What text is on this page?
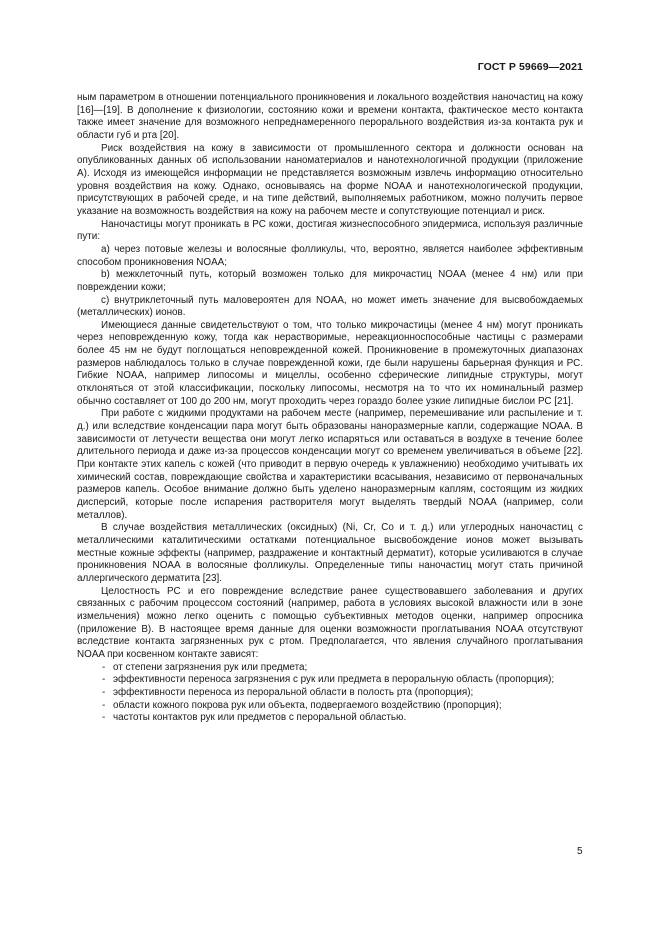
ГОСТ Р 59669—2021

ным параметром в отношении потенциального проникновения и локального воздействия наночастиц на кожу [16]—[19]. В дополнение к физиологии, состоянию кожи и времени контакта, фактическое место контакта также имеет значение для возможного непреднамеренного перорального воздействия из-за контакта рук и области губ и рта [20].

Риск воздействия на кожу в зависимости от промышленного сектора и должности основан на опубликованных данных об использовании наноматериалов и нанотехнологичной продукции (приложение А). Исходя из имеющейся информации не представляется возможным извлечь информацию относительно уровня воздействия на кожу. Однако, основываясь на форме NOAA и нанотехнологической продукции, присутствующих в рабочей среде, и на типе действий, выполняемых работником, можно получить первое указание на возможность воздействия на кожу на рабочем месте и сопутствующие потенциал и риск.

Наночастицы могут проникать в РС кожи, достигая жизнеспособного эпидермиса, используя различные пути:

а) через потовые железы и волосяные фолликулы, что, вероятно, является наиболее эффективным способом проникновения NOAA;

b) межклеточный путь, который возможен только для микрочастиц NOAA (менее 4 нм) или при повреждении кожи;

с) внутриклеточный путь маловероятен для NOAA, но может иметь значение для высвобождаемых (металлических) ионов.

Имеющиеся данные свидетельствуют о том, что только микрочастицы (менее 4 нм) могут проникать через неповрежденную кожу, тогда как нерастворимые, нереакционноспособные частицы с размерами более 45 нм не будут поглощаться неповрежденной кожей. Проникновение в промежуточных диапазонах размеров наблюдалось только в случае поврежденной кожи, где были нарушены барьерная функция и РС. Гибкие NOAA, например липосомы и мицеллы, особенно сферические липидные структуры, могут отклоняться от этой классификации, поскольку липосомы, несмотря на то что их номинальный размер обычно составляет от 100 до 200 нм, могут проходить через гораздо более узкие липидные бислои РС [21].

При работе с жидкими продуктами на рабочем месте (например, перемешивание или распыление и т. д.) или вследствие конденсации пара могут быть образованы наноразмерные капли, содержащие NOAA. В зависимости от летучести вещества они могут легко испаряться или оставаться в воздухе в течение более длительного периода и даже из-за процессов конденсации могут со временем увеличиваться в объеме [22]. При контакте этих капель с кожей (что приводит в первую очередь к увлажнению) необходимо учитывать их химический состав, повреждающие свойства и характеристики всасывания, независимо от первоначальных размеров капель. Особое внимание должно быть уделено наноразмерным каплям, состоящим из жидких дисперсий, которые после испарения растворителя могут выделять твердый NOAA (например, соли металлов).

В случае воздействия металлических (оксидных) (Ni, Cr, Co и т. д.) или углеродных наночастиц с металлическими каталитическими остатками потенциальное высвобождение ионов может вызывать местные кожные эффекты (например, раздражение и контактный дерматит), которые усиливаются в случае проникновения NOAA в волосяные фолликулы. Определенные типы наночастиц могут стать причиной аллергического дерматита [23].

Целостность РС и его повреждение вследствие ранее существовавшего заболевания и других связанных с рабочим процессом состояний (например, работа в условиях высокой влажности или в зоне измельчения) можно легко оценить с помощью субъективных методов оценки, например опросника (приложение В). В настоящее время данные для оценки возможности проглатывания NOAA отсутствуют вследствие контакта загрязненных рук с ртом. Предполагается, что явления случайного проглатывания NOAA при косвенном контакте зависят:

- от степени загрязнения рук или предмета;
- эффективности переноса загрязнения с рук или предмета в пероральную область (пропорция);
- эффективности переноса из пероральной области в полость рта (пропорция);
- области кожного покрова рук или объекта, подвергаемого воздействию (пропорция);
- частоты контактов рук или предметов с пероральной областью.
5
